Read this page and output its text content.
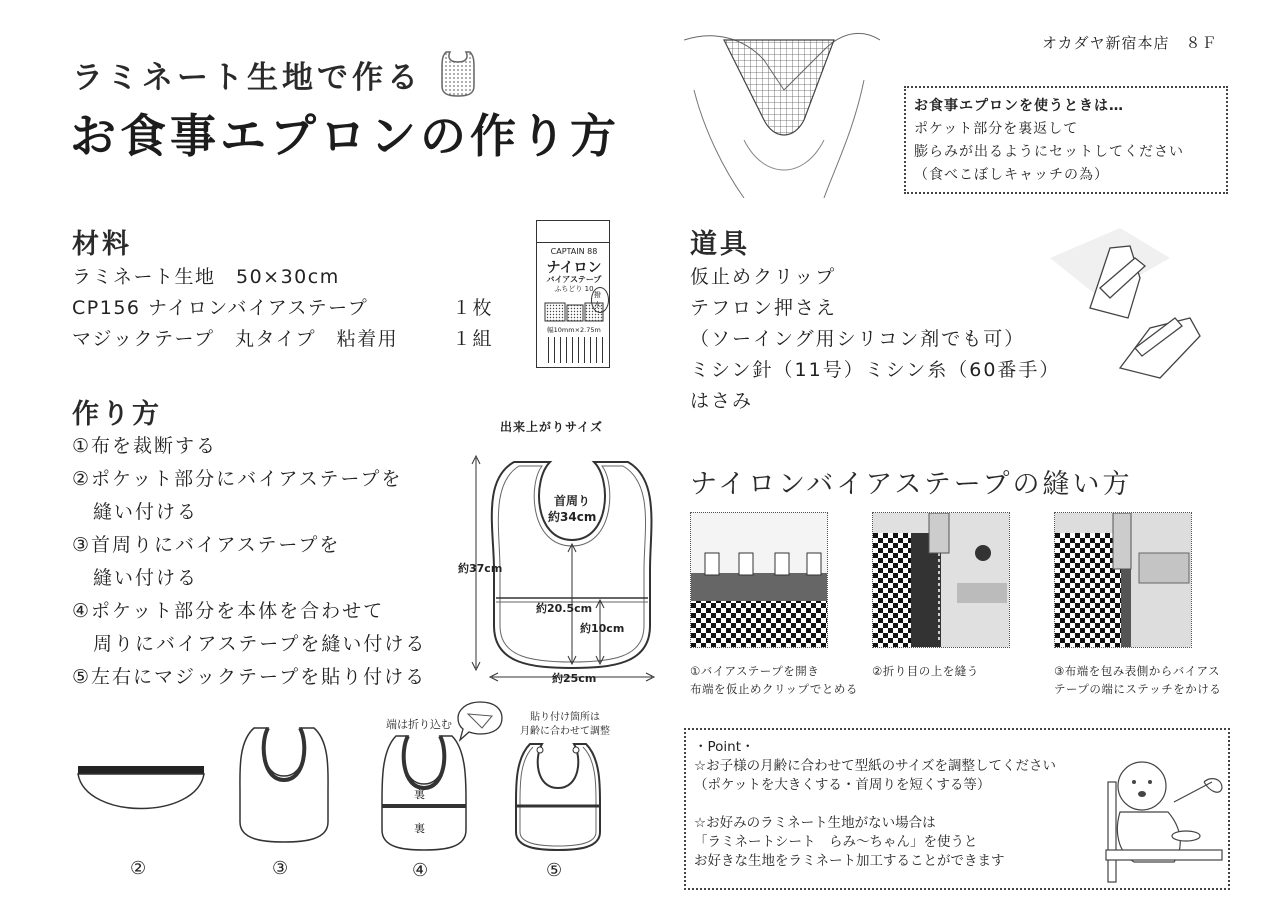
オカダヤ新宿本店　８Ｆ
ラミネート生地で作る
お食事エプロンの作り方
お食事エプロンを使うときは…
ポケット部分を裏返して
膨らみが出るようにセットしてください
（食べこぼしキャッチの為）
材料
ラミネート生地　50×30cm
CP156 ナイロンバイアステープ	１枚
マジックテープ　丸タイプ　粘着用	１組
CAPTAIN 88
ナイロン
バイアステープ
ふちどり 10
撥
幅10mm×2.75m
道具
仮止めクリップ
テフロン押さえ
（ソーイング用シリコン剤でも可）
ミシン針（11号）ミシン糸（60番手）
はさみ
作り方
①布を裁断する
②ポケット部分にバイアステープを
　縫い付ける
③首周りにバイアステープを
　縫い付ける
④ポケット部分を本体を合わせて
　周りにバイアステープを縫い付ける
⑤左右にマジックテープを貼り付ける
出来上がりサイズ
首周り
約34cm
約37cm
約20.5cm
約10cm
約25cm
端は折り込む
裏
裏
貼り付け箇所は
月齢に合わせて調整
②	③	④	⑤
ナイロンバイアステープの縫い方
①バイアステープを開き
布端を仮止めクリップでとめる
②折り目の上を縫う	③布端を包み表側からバイアス
テープの端にステッチをかける
・Point・
☆お子様の月齢に合わせて型紙のサイズを調整してください
（ポケットを大きくする・首周りを短くする等）
☆お好みのラミネート生地がない場合は
「ラミネートシート　らみ～ちゃん」を使うと
お好きな生地をラミネート加工することができます
